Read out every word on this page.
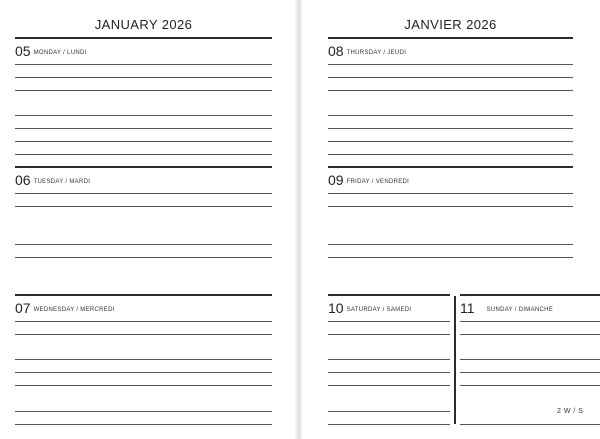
JANUARY 2026
05 MONDAY / LUNDI
06 TUESDAY / MARDI
07 WEDNESDAY / MERCREDI
JANVIER 2026
08 THURSDAY / JEUDI
09 FRIDAY / VENDREDI
10 SATURDAY / SAMEDI	11 SUNDAY / DIMANCHE
2 W / S
